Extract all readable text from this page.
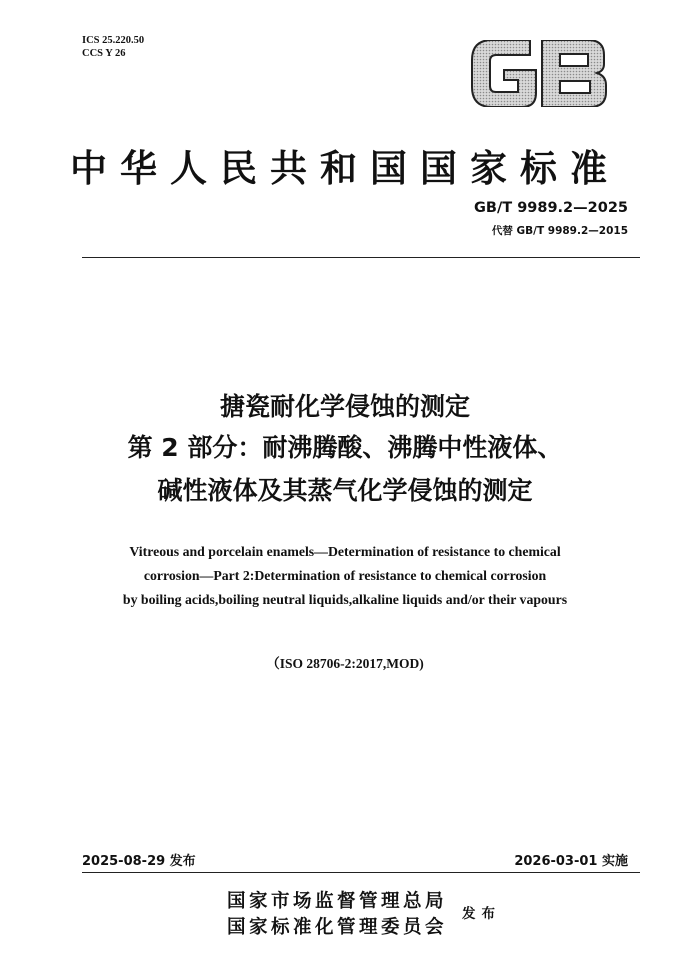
ICS 25.220.50
CCS Y 26
中华人民共和国国家标准
GB/T 9989.2—2025
代替 GB/T 9989.2—2015
搪瓷耐化学侵蚀的测定
第 2 部分：耐沸腾酸、沸腾中性液体、
碱性液体及其蒸气化学侵蚀的测定
Vitreous and porcelain enamels—Determination of resistance to chemical
corrosion—Part 2:Determination of resistance to chemical corrosion
by boiling acids,boiling neutral liquids,alkaline liquids and/or their vapours
（ISO 28706-2:2017,MOD)
2025-08-29 发布	2026-03-01 实施
国家市场监督管理总局
国家标准化管理委员会
发布
